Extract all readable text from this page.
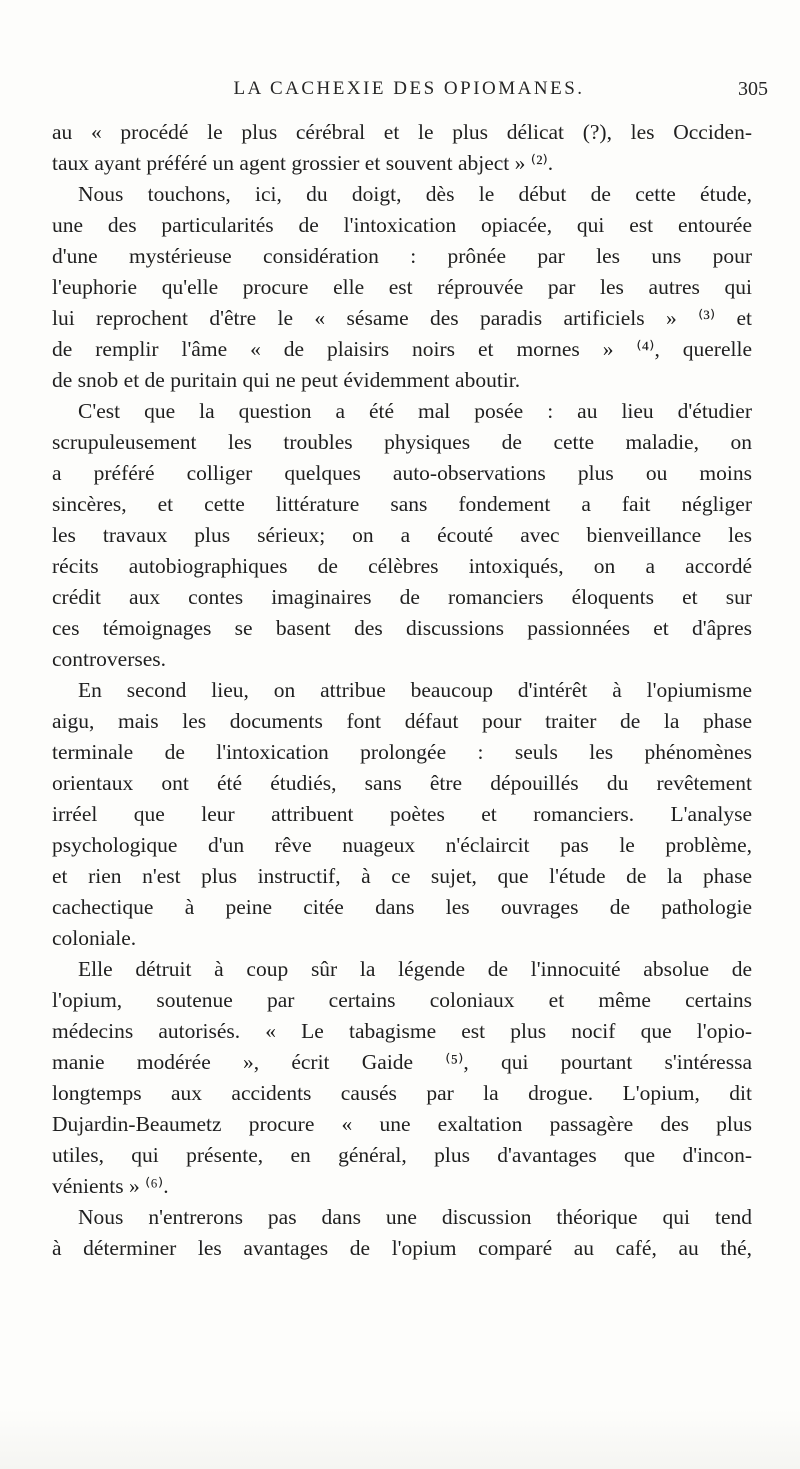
LA CACHEXIE DES OPIOMANES.	305
au « procédé le plus cérébral et le plus délicat (?), les Occiden-
taux ayant préféré un agent grossier et souvent abject » ⁽²⁾.
Nous touchons, ici, du doigt, dès le début de cette étude,
une des particularités de l'intoxication opiacée, qui est entourée
d'une mystérieuse considération : prônée par les uns pour
l'euphorie qu'elle procure elle est réprouvée par les autres qui
lui reprochent d'être le « sésame des paradis artificiels » ⁽³⁾ et
de remplir l'âme « de plaisirs noirs et mornes » ⁽⁴⁾, querelle
de snob et de puritain qui ne peut évidemment aboutir.
C'est que la question a été mal posée : au lieu d'étudier
scrupuleusement les troubles physiques de cette maladie, on
a préféré colliger quelques auto-observations plus ou moins
sincères, et cette littérature sans fondement a fait négliger
les travaux plus sérieux; on a écouté avec bienveillance les
récits autobiographiques de célèbres intoxiqués, on a accordé
crédit aux contes imaginaires de romanciers éloquents et sur
ces témoignages se basent des discussions passionnées et d'âpres
controverses.
En second lieu, on attribue beaucoup d'intérêt à l'opiumisme
aigu, mais les documents font défaut pour traiter de la phase
terminale de l'intoxication prolongée : seuls les phénomènes
orientaux ont été étudiés, sans être dépouillés du revêtement
irréel que leur attribuent poètes et romanciers. L'analyse
psychologique d'un rêve nuageux n'éclaircit pas le problème,
et rien n'est plus instructif, à ce sujet, que l'étude de la phase
cachectique à peine citée dans les ouvrages de pathologie
coloniale.
Elle détruit à coup sûr la légende de l'innocuité absolue de
l'opium, soutenue par certains coloniaux et même certains
médecins autorisés. « Le tabagisme est plus nocif que l'opio-
manie modérée », écrit Gaide ⁽⁵⁾, qui pourtant s'intéressa
longtemps aux accidents causés par la drogue. L'opium, dit
Dujardin-Beaumetz procure « une exaltation passagère des plus
utiles, qui présente, en général, plus d'avantages que d'incon-
vénients » ⁽⁶⁾.
Nous n'entrerons pas dans une discussion théorique qui tend
à déterminer les avantages de l'opium comparé au café, au thé,
